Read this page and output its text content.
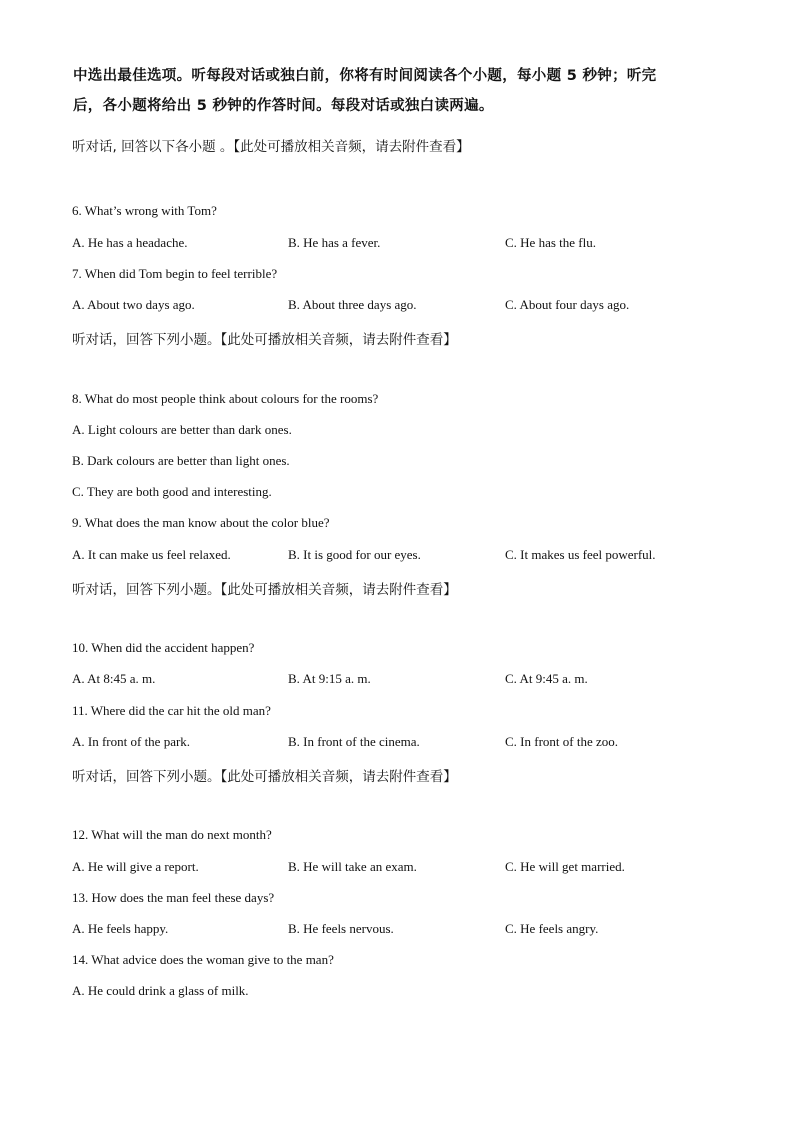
中选出最佳选项。听每段对话或独白前，你将有时间阅读各个小题，每小题 5 秒钟；听完
后，各小题将给出 5 秒钟的作答时间。每段对话或独白读两遍。
听对话, 回答以下各小题 。【此处可播放相关音频，请去附件查看】
6. What’s wrong with Tom?
A. He has a headache.	B. He has a fever.	C. He has the flu.
7. When did Tom begin to feel terrible?
A. About two days ago.	B. About three days ago.	C. About four days ago.
听对话，回答下列小题。【此处可播放相关音频，请去附件查看】
8. What do most people think about colours for the rooms?
A. Light colours are better than dark ones.
B. Dark colours are better than light ones.
C. They are both good and interesting.
9. What does the man know about the color blue?
A. It can make us feel relaxed.	B. It is good for our eyes.	C. It makes us feel powerful.
听对话，回答下列小题。【此处可播放相关音频，请去附件查看】
10. When did the accident happen?
A. At 8:45 a. m.	B. At 9:15 a. m.	C. At 9:45 a. m.
11. Where did the car hit the old man?
A. In front of the park.	B. In front of the cinema.	C. In front of the zoo.
听对话，回答下列小题。【此处可播放相关音频，请去附件查看】
12. What will the man do next month?
A. He will give a report.	B. He will take an exam.	C. He will get married.
13. How does the man feel these days?
A. He feels happy.	B. He feels nervous.	C. He feels angry.
14. What advice does the woman give to the man?
A. He could drink a glass of milk.
